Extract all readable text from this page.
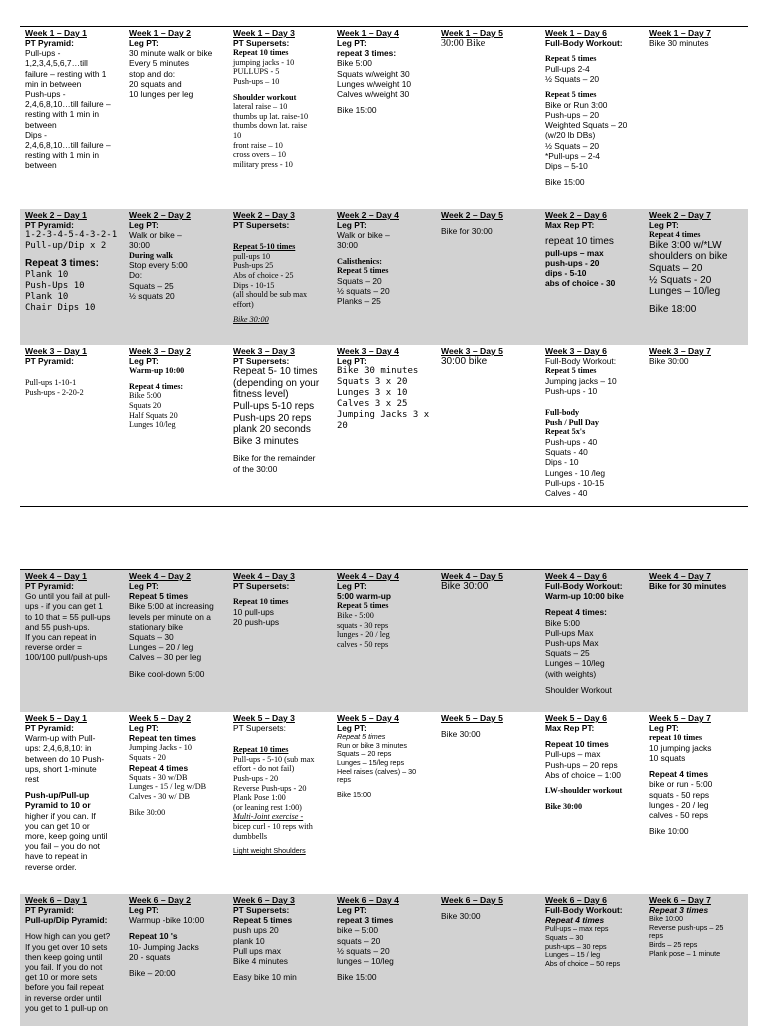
Week 1 – Day 1
PT Pyramid:
Pull-ups -
1,2,3,4,5,6,7…till
failure – resting with 1
min in between
Push-ups -
2,4,6,8,10…till failure –
resting with 1 min in
between
Dips -
2,4,6,8,10…till failure –
resting with 1 min in
between
Week 1 – Day 2
Leg PT:
30 minute walk or bike
Every 5 minutes
stop and do:
20 squats and
10 lunges per leg
Week 1 – Day 3
PT Supersets:
Repeat 10 times
jumping jacks - 10
PULLUPS - 5
Push-ups – 10
Shoulder workout
lateral raise – 10
thumbs up lat. raise-10
thumbs down lat. raise
10
front raise – 10
cross overs – 10
military press - 10
Week 1 – Day 4
Leg PT:
repeat 3 times:
Bike 5:00
Squats w/weight 30
Lunges w/weight 10
Calves w/weight 30
Bike 15:00
Week 1 – Day 5
30:00 Bike
Week 1 – Day 6
Full-Body Workout:
Repeat 5 times
Pull-ups 2-4
½ Squats – 20
Repeat 5 times
Bike or Run 3:00
Push-ups – 20
Weighted Squats – 20
(w/20 lb DBs)
½ Squats – 20
*Pull-ups – 2-4
Dips – 5-10
Bike 15:00
Week 1 – Day 7
Bike 30 minutes
Week 2 – Day 1
PT Pyramid:
1-2-3-4-5-4-3-2-1
Pull-up/Dip x 2
Repeat 3 times:
Plank 10
Push-Ups 10
Plank 10
Chair Dips 10
Week 2 – Day 2
Leg PT:
Walk or bike –
30:00
During walk
Stop every 5:00
Do:
Squats – 25
½ squats 20
Week 2 – Day 3
PT Supersets:
Repeat 5-10 times
pull-ups 10
Push-ups 25
Abs of choice - 25
Dips - 10-15
(all should be sub max
effort)
Bike 30:00
Week 2 – Day 4
Leg PT:
Walk or bike –
30:00
Calisthenics:
Repeat 5 times
Squats – 20
½ squats – 20
Planks – 25
Week 2 – Day 5
Bike for 30:00
Week 2 – Day 6
Max Rep PT:
repeat 10 times
pull-ups – max
push-ups - 20
dips - 5-10
abs of choice - 30
Week 2 – Day 7
Leg PT:
Repeat 4 times
Bike 3:00 w/*LW
shoulders on bike
Squats – 20
½ Squats - 20
Lunges – 10/leg
Bike 18:00
Week 3 – Day 1
PT Pyramid:
Pull-ups 1-10-1
Push-ups - 2-20-2
Week 3 – Day 2
Leg PT:
Warm-up 10:00
Repeat 4 times:
Bike 5:00
Squats 20
Half Squats 20
Lunges 10/leg
Week 3 – Day 3
PT Supersets:
Repeat 5- 10 times
(depending on your
fitness level)
Pull-ups 5-10 reps
Push-ups 20 reps
plank 20 seconds
Bike 3 minutes
Bike for the remainder
of the 30:00
Week 3 – Day 4
Leg PT:
Bike 30 minutes
Squats 3 x 20
Lunges 3 x 10
Calves 3 x 25
Jumping Jacks 3 x
20
Week 3 – Day 5
30:00 bike
Week 3 – Day 6
Full-Body Workout:
Repeat 5 times
Jumping jacks – 10
Push-ups - 10
Full-body
Push / Pull Day
Repeat 5x's
Push-ups - 40
Squats - 40
Dips - 10
Lunges - 10 /leg
Pull-ups - 10-15
Calves - 40
Week 3 – Day 7
Bike 30:00
Week 4 – Day 1
PT Pyramid:
Go until you fail at pull-
ups - if you can get 1
to 10 that = 55 pull-ups
and 55 push-ups.
If you can repeat in
reverse order =
100/100 pull/push-ups
Week 4 – Day 2
Leg PT:
Repeat 5 times
Bike 5:00 at increasing
levels per minute on a
stationary bike
Squats – 30
Lunges – 20 / leg
Calves – 30 per leg
Bike cool-down 5:00
Week 4 – Day 3
PT Supersets:
Repeat 10 times
10 pull-ups
20 push-ups
Week 4 – Day 4
Leg PT:
5:00 warm-up
Repeat 5 times
Bike - 5:00
squats - 30 reps
lunges - 20 / leg
calves - 50 reps
Week 4 – Day 5
Bike 30:00
Week 4 – Day 6
Full-Body Workout:
Warm-up 10:00 bike
Repeat 4 times:
Bike 5:00
Pull-ups Max
Push-ups Max
Squats – 25
Lunges – 10/leg
(with weights)
Shoulder Workout
Week 4 – Day 7
Bike for 30 minutes
Week 5 – Day 1
PT Pyramid:
Warm-up with Pull-
ups: 2,4,6,8,10: in
between do 10 Push-
ups, short 1-minute
rest
Push-up/Pull-up
Pyramid to 10 or
higher if you can. If
you can get 10 or
more, keep going until
you fail – you do not
have to repeat in
reverse order.
Week 5 – Day 2
Leg PT:
Repeat ten times
Jumping Jacks - 10
Squats - 20
Repeat 4 times
Squats - 30 w/DB
Lunges - 15 / leg w/DB
Calves - 30 w/ DB
Bike 30:00
Week 5 – Day 3
PT Supersets:
Repeat 10 times
Pull-ups - 5-10 (sub max
effort - do not fail)
Push-ups - 20
Reverse Push-ups - 20
Plank Pose 1:00
(or leaning rest 1:00)
Multi-Joint exercise -
bicep curl - 10 reps with
dumbbells
Light weight Shoulders
Week 5 – Day 4
Leg PT:
Repeat 5 times
Run or bike 3 minutes
Squats – 20 reps
Lunges – 15/leg reps
Heel raises (calves) – 30
reps
Bike 15:00
Week 5 – Day 5
Bike 30:00
Week 5 – Day 6
Max Rep PT:
Repeat 10 times
Pull-ups – max
Push-ups – 20 reps
Abs of choice – 1:00
LW-shoulder workout
Bike 30:00
Week 5 – Day 7
Leg PT:
repeat 10 times
10 jumping jacks
10 squats
Repeat 4 times
bike or run - 5:00
squats - 50 reps
lunges - 20 / leg
calves - 50 reps
Bike 10:00
Week 6 – Day 1
PT Pyramid:
Pull-up/Dip Pyramid:
How high can you get?
If you get over 10 sets
then keep going until
you fail. If you do not
get 10 or more sets
before you fail repeat
in reverse order until
you get to 1 pull-up on
Week 6 – Day 2
Leg PT:
Warmup -bike 10:00
Repeat 10 's
10- Jumping Jacks
20 - squats
Bike – 20:00
Week 6 – Day 3
PT Supersets:
Repeat 5 times
push ups 20
plank 10
Pull ups max
Bike 4 minutes
Easy bike 10 min
Week 6 – Day 4
Leg PT:
repeat 3 times
bike – 5:00
squats – 20
½ squats – 20
lunges – 10/leg
Bike 15:00
Week 6 – Day 5
Bike 30:00
Week 6 – Day 6
Full-Body Workout:
Repeat 4 times
Pull-ups – max reps
Squats – 30
push-ups – 30 reps
Lunges – 15 / leg
Abs of choice – 50 reps
Week 6 – Day 7
Repeat 3 times
Bike 10:00
Reverse push-ups – 25
reps
Birds – 25 reps
Plank pose – 1 minute
